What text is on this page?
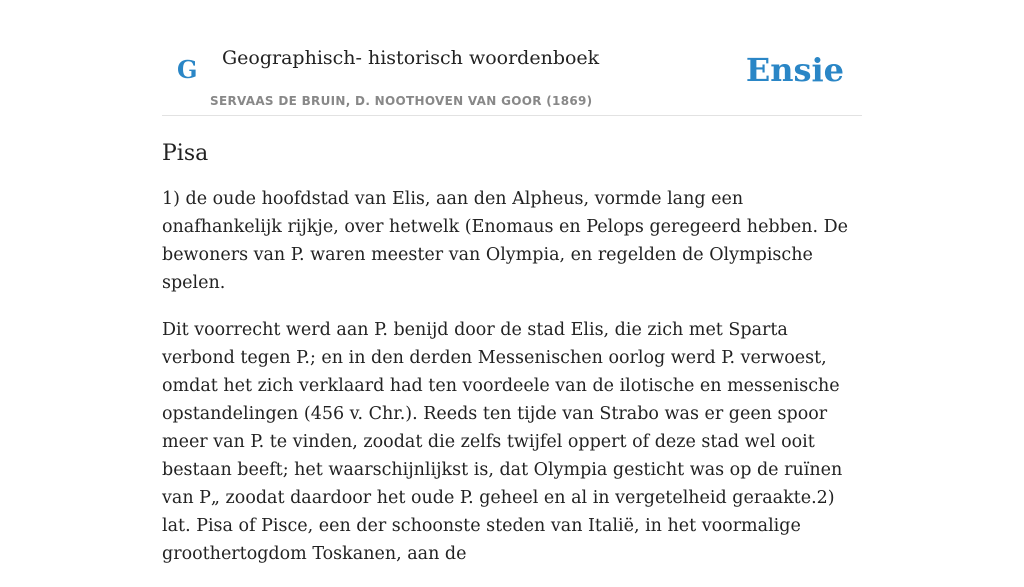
G Geographisch- historisch woordenboek
SERVAAS DE BRUIN, D. NOOTHOVEN VAN GOOR (1869)
Ensie
Pisa

1) de oude hoofdstad van Elis, aan den Alpheus, vormde lang een onafhankelijk rijkje, over hetwelk (Enomaus en Pelops geregeerd hebben. De bewoners van P. waren meester van Olympia, en regelden de Olympische spelen.

Dit voorrecht werd aan P. benijd door de stad Elis, die zich met Sparta verbond tegen P.; en in den derden Messenischen oorlog werd P. verwoest, omdat het zich verklaard had ten voordeele van de ilotische en messenische opstandelingen (456 v. Chr.). Reeds ten tijde van Strabo was er geen spoor meer van P. te vinden, zoodat die zelfs twijfel oppert of deze stad wel ooit bestaan beeft; het waarschijnlijkst is, dat Olympia gesticht was op de ruïnen van P„ zoodat daardoor het oude P. geheel en al in vergetelheid geraakte.2) lat. Pisa of Pisce, een der schoonste steden van Italië, in het voormalige groothertogdom Toskanen, aan de
